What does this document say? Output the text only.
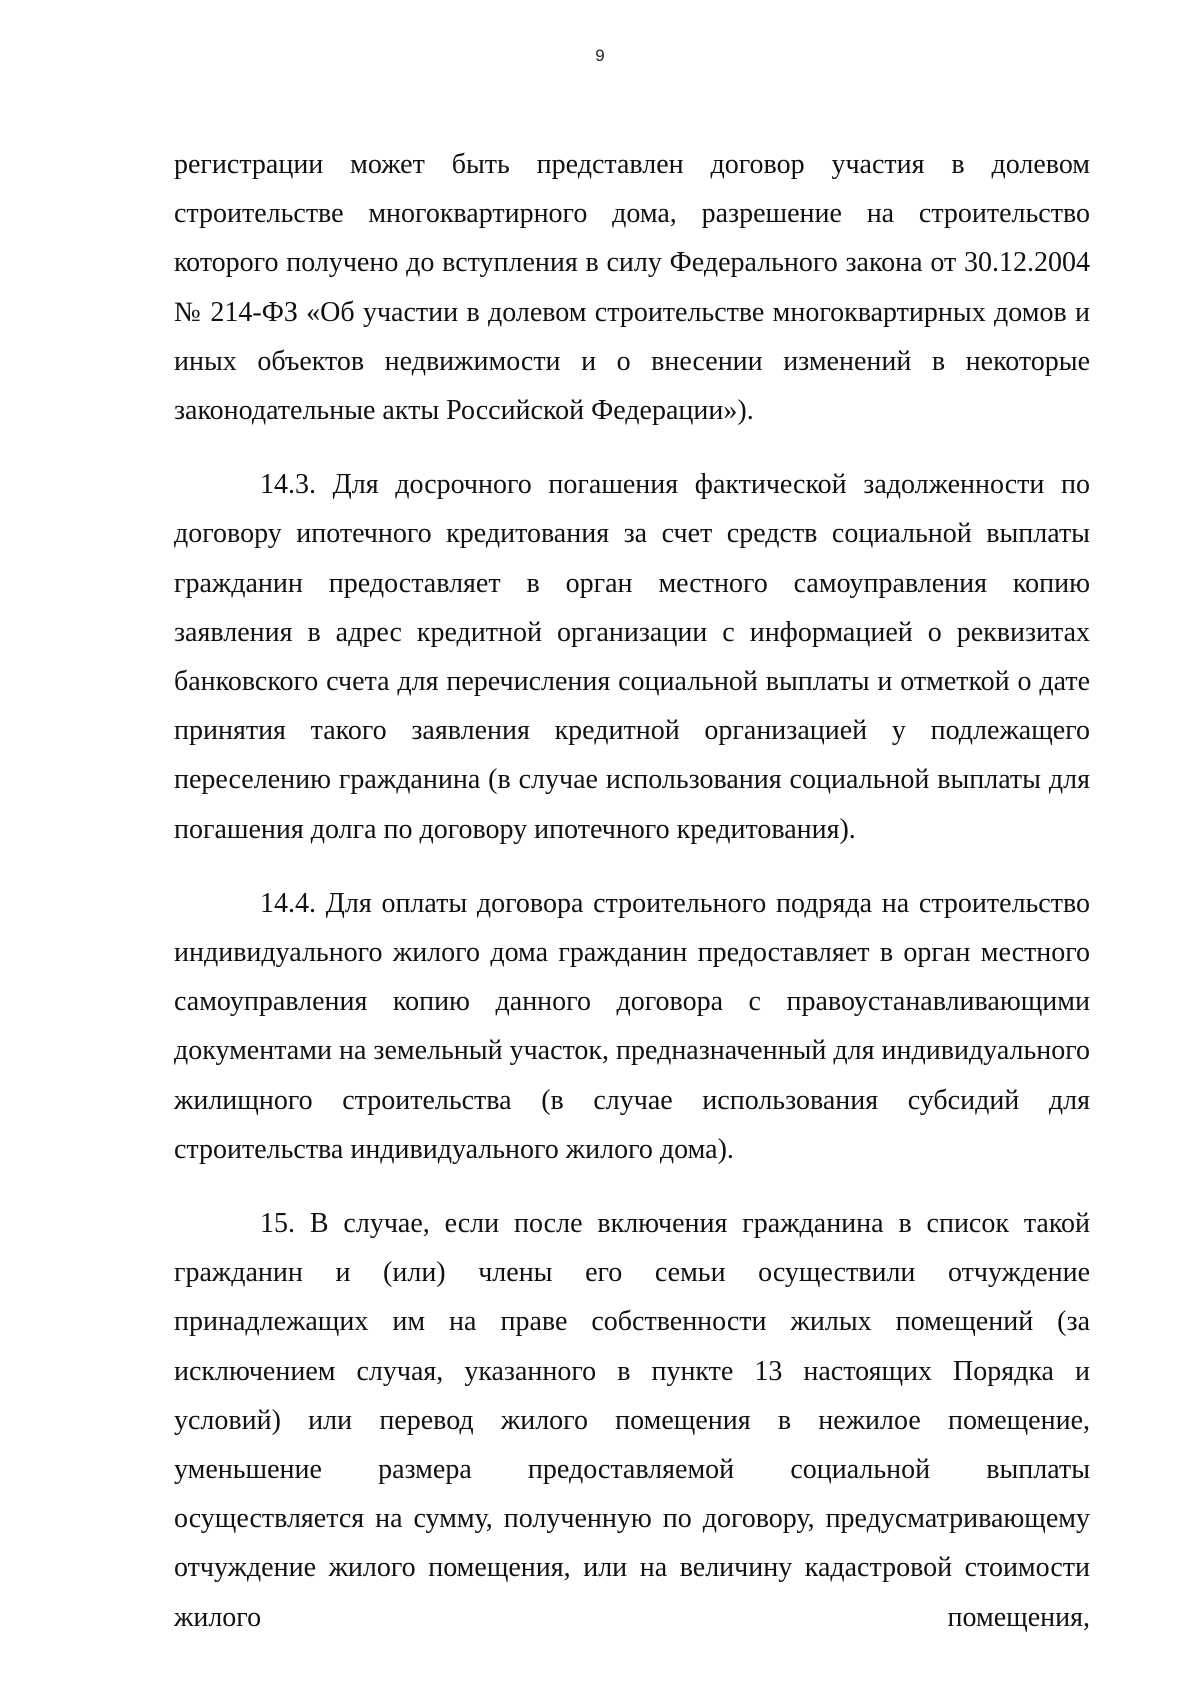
9

регистрации может быть представлен договор участия в долевом строительстве многоквартирного дома, разрешение на строительство которого получено до вступления в силу Федерального закона от 30.12.2004 № 214-ФЗ «Об участии в долевом строительстве многоквартирных домов и иных объектов недвижимости и о внесении изменений в некоторые законодательные акты Российской Федерации»).

14.3. Для досрочного погашения фактической задолженности по договору ипотечного кредитования за счет средств социальной выплаты гражданин предоставляет в орган местного самоуправления копию заявления в адрес кредитной организации с информацией о реквизитах банковского счета для перечисления социальной выплаты и отметкой о дате принятия такого заявления кредитной организацией у подлежащего переселению гражданина (в случае использования социальной выплаты для погашения долга по договору ипотечного кредитования).

14.4. Для оплаты договора строительного подряда на строительство индивидуального жилого дома гражданин предоставляет в орган местного самоуправления копию данного договора с правоустанавливающими документами на земельный участок, предназначенный для индивидуального жилищного строительства (в случае использования субсидий для строительства индивидуального жилого дома).

15. В случае, если после включения гражданина в список такой гражданин и (или) члены его семьи осуществили отчуждение принадлежащих им на праве собственности жилых помещений (за исключением случая, указанного в пункте 13 настоящих Порядка и условий) или перевод жилого помещения в нежилое помещение, уменьшение размера предоставляемой социальной выплаты осуществляется на сумму, полученную по договору, предусматривающему отчуждение жилого помещения, или на величину кадастровой стоимости жилого помещения,
